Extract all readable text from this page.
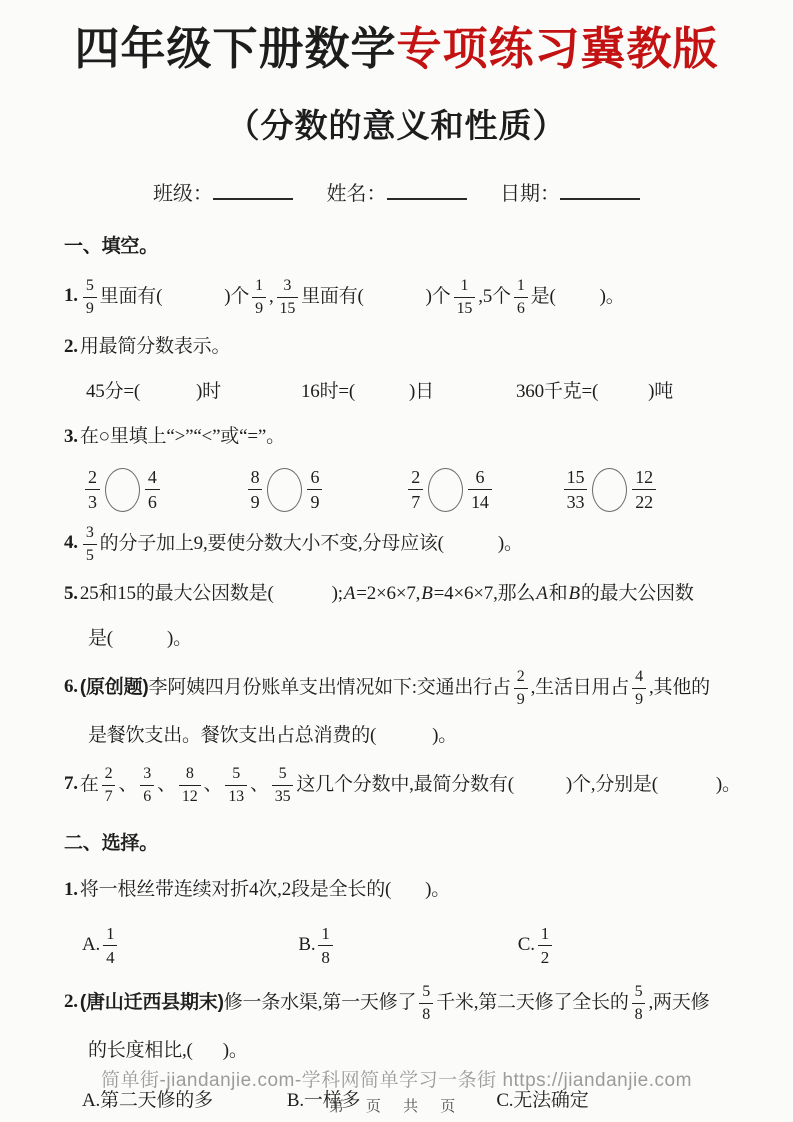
四年级下册数学专项练习冀教版
（分数的意义和性质）
班级：	姓名：	日期：
一、填空。
1. $\frac{5}{9}$ 里面有(	)个 $\frac{1}{9}$ , $\frac{3}{15}$ 里面有(	)个 $\frac{1}{15} ,5$个 $\frac{1}{6}$ 是( )。
2. 用最简分数表示。
45分=(	)时	16时=(	)日	360千克=(	)吨
3. 在○里填上“>”“<”或“=”。
$\frac{2}{3}$	$\frac{4}{6}$	$\frac{8}{9}$	$\frac{6}{9}$	$\frac{2}{7}$	$\frac{6}{14}$	$\frac{15}{33}$	$\frac{12}{22}$
4. $\frac{3}{5}$ 的分子加上9,要使分数大小不变,分母应该(	)。
5. 25和15的最大公因数是(	);A=2×6×7,B=4×6×7,那么A和B的最大公因数
是(	)。
6. (原创题)李阿姨四月份账单支出情况如下:交通出行占 $\frac{2}{9}$ ,生活日用占 $\frac{4}{9}$ ,其他的
是餐饮支出。餐饮支出占总消费的(	)。
7. 在 $\frac{2}{7}$ 、 $\frac{3}{6}$ 、 $\frac{8}{12}$ 、 $\frac{5}{13}$ 、 $\frac{5}{35}$ 这几个分数中,最简分数有(	)个,分别是(	)。
二、选择。
1. 将一根丝带连续对折4次,2段是全长的( )。
A. $\frac{1}{4}$	B. $\frac{1}{8}$	C. $\frac{1}{2}$
2. (唐山迁西县期末)修一条水渠,第一天修了 $\frac{5}{8}$ 千米,第二天修了全长的 $\frac{5}{8}$ ,两天修
的长度相比,( )。
A.第二天修的多	B.一样多	C.无法确定
简单街-jiandanjie.com-学科网简单学习一条街 https://jiandanjie.com
第 页 共 页
